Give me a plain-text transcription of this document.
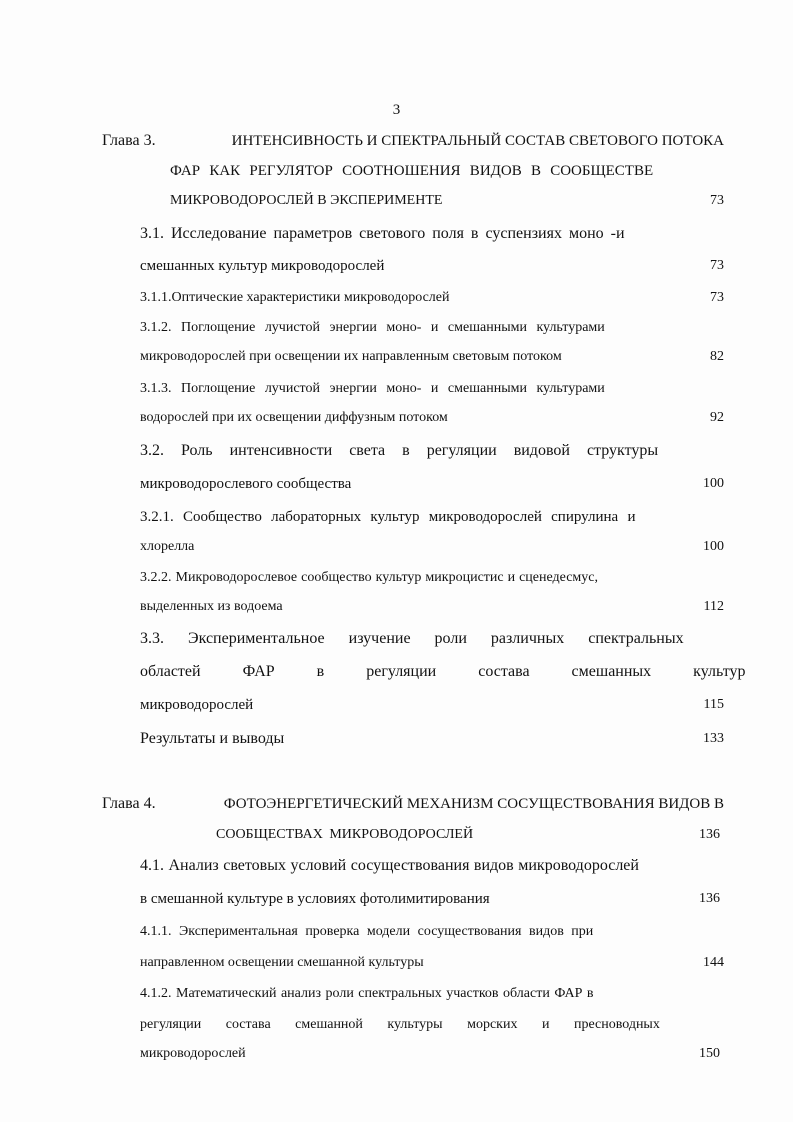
3
Глава 3.	ИНТЕНСИВНОСТЬ И СПЕКТРАЛЬНЫЙ СОСТАВ СВЕТОВОГО ПОТОКА
ФАР КАК РЕГУЛЯТОР СООТНОШЕНИЯ ВИДОВ В СООБЩЕСТВЕ
МИКРОВОДОРОСЛЕЙ В ЭКСПЕРИМЕНТЕ	73
3.1. Исследование параметров светового поля в суспензиях моно -и
смешанных культур микроводорослей	73
3.1.1.Оптические характеристики микроводорослей	73
3.1.2. Поглощение лучистой энергии моно- и смешанными культурами
микроводорослей при освещении их направленным световым потоком	82
3.1.3. Поглощение лучистой энергии моно- и смешанными культурами
водорослей при их освещении диффузным потоком	92
3.2. Роль интенсивности света в регуляции видовой структуры
микроводорослевого сообщества	100
3.2.1. Сообщество лабораторных культур микроводорослей спирулина и
хлорелла	100
3.2.2. Микроводорослевое сообщество культур микроцистис и сценедесмус,
выделенных из водоема	112
3.3. Экспериментальное изучение роли различных спектральных
областей ФАР в регуляции состава смешанных культур
микроводорослей	115
Результаты и выводы	133
Глава 4.	ФОТОЭНЕРГЕТИЧЕСКИЙ МЕХАНИЗМ СОСУЩЕСТВОВАНИЯ ВИДОВ В
СООБЩЕСТВАХ МИКРОВОДОРОСЛЕЙ	136
4.1. Анализ световых условий сосуществования видов микроводорослей
в смешанной культуре в условиях фотолимитирования	136
4.1.1. Экспериментальная проверка модели сосуществования видов при
направленном освещении смешанной культуры	144
4.1.2. Математический анализ роли спектральных участков области ФАР в
регуляции состава смешанной культуры морских и пресноводных
микроводорослей	150
